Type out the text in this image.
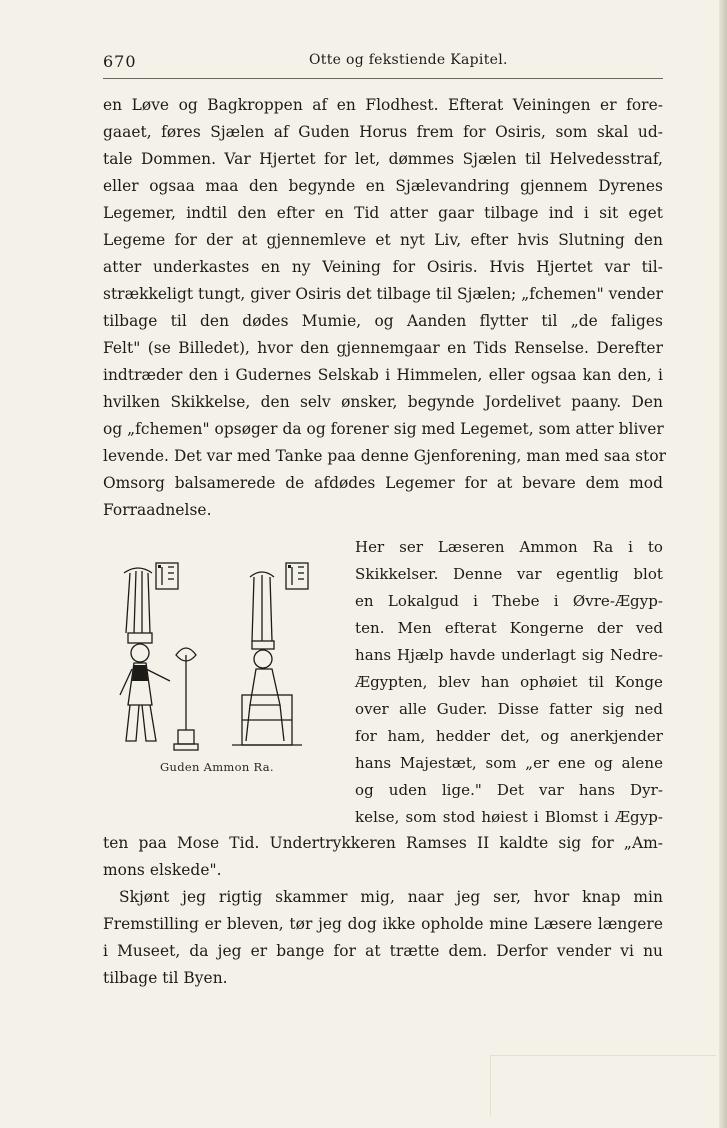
670	Otte og fekstiende Kapitel.
en Løve og Bagkroppen af en Flodhest. Efterat Veiningen er fore-
gaaet, føres Sjælen af Guden Horus frem for Osiris, som skal ud-
tale Dommen. Var Hjertet for let, dømmes Sjælen til Helvedesstraf,
eller ogsaa maa den begynde en Sjælevandring gjennem Dyrenes
Legemer, indtil den efter en Tid atter gaar tilbage ind i sit eget
Legeme for der at gjennemleve et nyt Liv, efter hvis Slutning den
atter underkastes en ny Veining for Osiris. Hvis Hjertet var til-
strækkeligt tungt, giver Osiris det tilbage til Sjælen; „fchemen" vender
tilbage til den dødes Mumie, og Aanden flytter til „de faliges
Felt" (se Billedet), hvor den gjennemgaar en Tids Renselse. Derefter
indtræder den i Gudernes Selskab i Himmelen, eller ogsaa kan den, i
hvilken Skikkelse, den selv ønsker, begynde Jordelivet paany. Den
og „fchemen" opsøger da og forener sig med Legemet, som atter bliver
levende. Det var med Tanke paa denne Gjenforening, man med saa stor
Omsorg balsamerede de afdødes Legemer for at bevare dem mod
Forraadnelse.
Guden Ammon Ra.
Her ser Læseren Ammon Ra i to
Skikkelser. Denne var egentlig blot
en Lokalgud i Thebe i Øvre-Ægyp-
ten. Men efterat Kongerne der ved
hans Hjælp havde underlagt sig Nedre-
Ægypten, blev han ophøiet til Konge
over alle Guder. Disse fatter sig ned
for ham, hedder det, og anerkjender
hans Majestæt, som „er ene og alene
og uden lige." Det var hans Dyr-
kelse, som stod høiest i Blomst i Ægyp-
ten paa Mose Tid. Undertrykkeren Ramses II kaldte sig for „Am-
mons elskede".
Skjønt jeg rigtig skammer mig, naar jeg ser, hvor knap min
Fremstilling er bleven, tør jeg dog ikke opholde mine Læsere længere
i Museet, da jeg er bange for at trætte dem. Derfor vender vi nu
tilbage til Byen.
